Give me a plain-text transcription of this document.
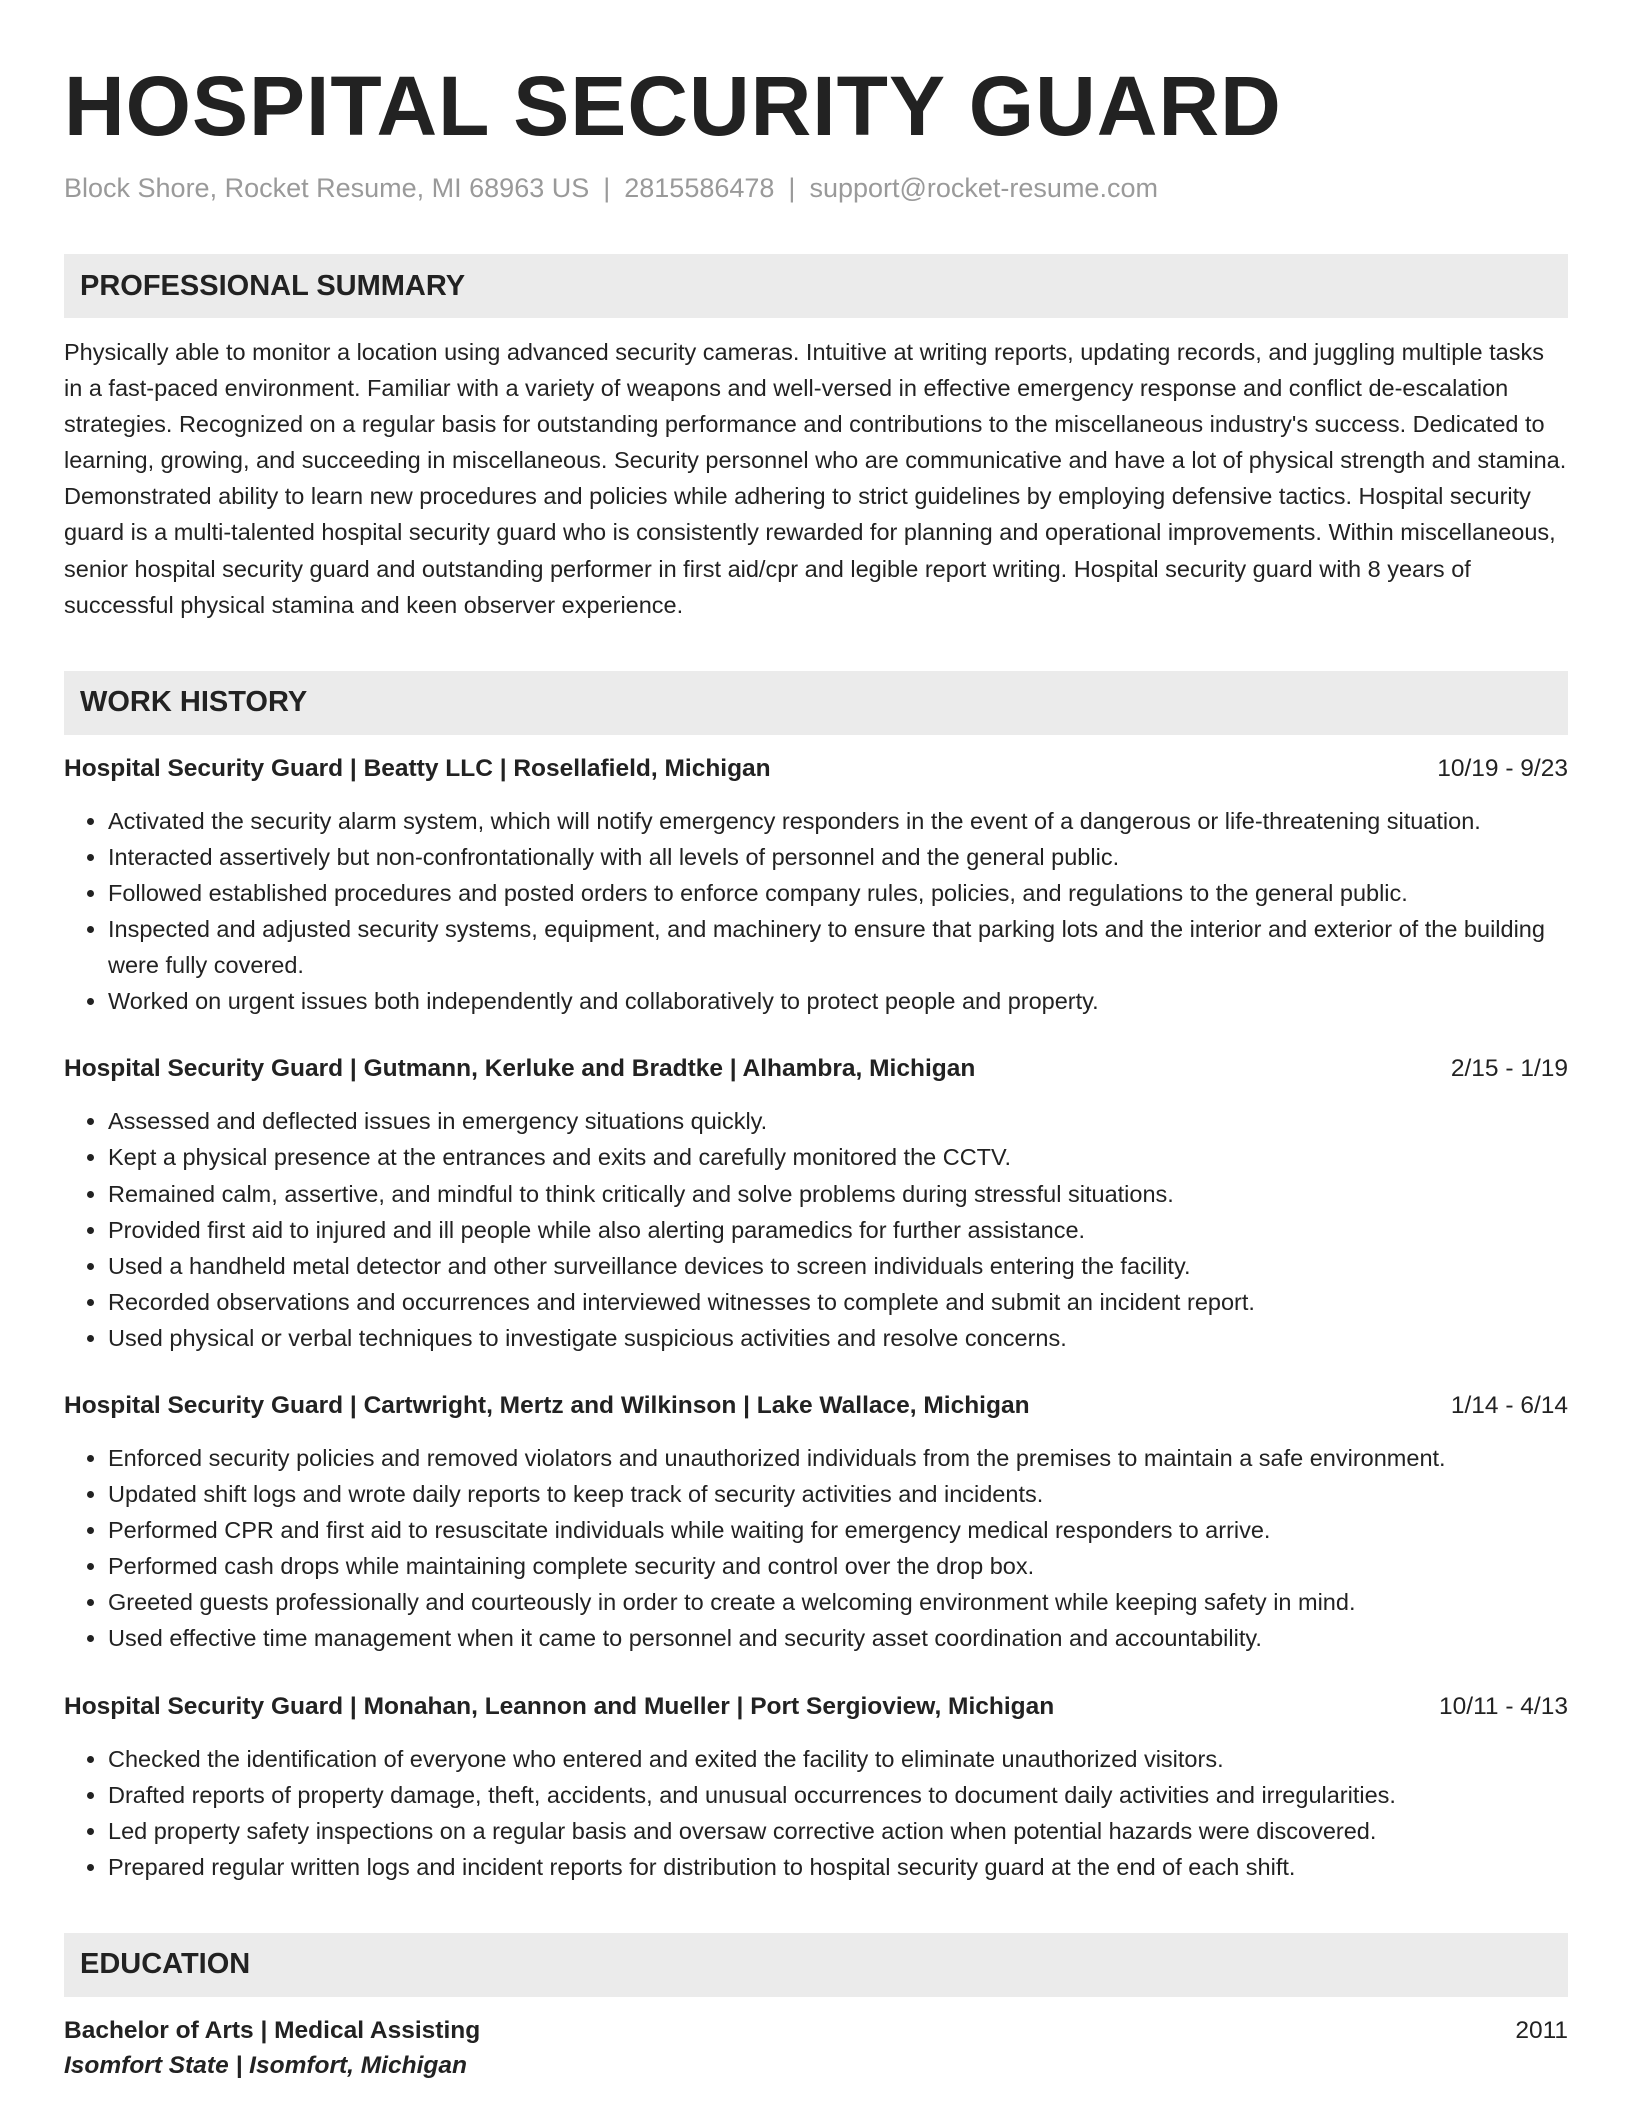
HOSPITAL SECURITY GUARD
Block Shore, Rocket Resume, MI 68963 US | 2815586478 | support@rocket-resume.com
PROFESSIONAL SUMMARY
Physically able to monitor a location using advanced security cameras. Intuitive at writing reports, updating records, and juggling multiple tasks in a fast-paced environment. Familiar with a variety of weapons and well-versed in effective emergency response and conflict de-escalation strategies. Recognized on a regular basis for outstanding performance and contributions to the miscellaneous industry's success. Dedicated to learning, growing, and succeeding in miscellaneous. Security personnel who are communicative and have a lot of physical strength and stamina. Demonstrated ability to learn new procedures and policies while adhering to strict guidelines by employing defensive tactics. Hospital security guard is a multi-talented hospital security guard who is consistently rewarded for planning and operational improvements. Within miscellaneous, senior hospital security guard and outstanding performer in first aid/cpr and legible report writing. Hospital security guard with 8 years of successful physical stamina and keen observer experience.
WORK HISTORY
Hospital Security Guard | Beatty LLC | Rosellafield, Michigan	10/19 - 9/23
• Activated the security alarm system, which will notify emergency responders in the event of a dangerous or life-threatening situation.
• Interacted assertively but non-confrontationally with all levels of personnel and the general public.
• Followed established procedures and posted orders to enforce company rules, policies, and regulations to the general public.
• Inspected and adjusted security systems, equipment, and machinery to ensure that parking lots and the interior and exterior of the building were fully covered.
• Worked on urgent issues both independently and collaboratively to protect people and property.
Hospital Security Guard | Gutmann, Kerluke and Bradtke | Alhambra, Michigan	2/15 - 1/19
• Assessed and deflected issues in emergency situations quickly.
• Kept a physical presence at the entrances and exits and carefully monitored the CCTV.
• Remained calm, assertive, and mindful to think critically and solve problems during stressful situations.
• Provided first aid to injured and ill people while also alerting paramedics for further assistance.
• Used a handheld metal detector and other surveillance devices to screen individuals entering the facility.
• Recorded observations and occurrences and interviewed witnesses to complete and submit an incident report.
• Used physical or verbal techniques to investigate suspicious activities and resolve concerns.
Hospital Security Guard | Cartwright, Mertz and Wilkinson | Lake Wallace, Michigan	1/14 - 6/14
• Enforced security policies and removed violators and unauthorized individuals from the premises to maintain a safe environment.
• Updated shift logs and wrote daily reports to keep track of security activities and incidents.
• Performed CPR and first aid to resuscitate individuals while waiting for emergency medical responders to arrive.
• Performed cash drops while maintaining complete security and control over the drop box.
• Greeted guests professionally and courteously in order to create a welcoming environment while keeping safety in mind.
• Used effective time management when it came to personnel and security asset coordination and accountability.
Hospital Security Guard | Monahan, Leannon and Mueller | Port Sergioview, Michigan	10/11 - 4/13
• Checked the identification of everyone who entered and exited the facility to eliminate unauthorized visitors.
• Drafted reports of property damage, theft, accidents, and unusual occurrences to document daily activities and irregularities.
• Led property safety inspections on a regular basis and oversaw corrective action when potential hazards were discovered.
• Prepared regular written logs and incident reports for distribution to hospital security guard at the end of each shift.
EDUCATION
Bachelor of Arts | Medical Assisting	2011
Isomfort State | Isomfort, Michigan
